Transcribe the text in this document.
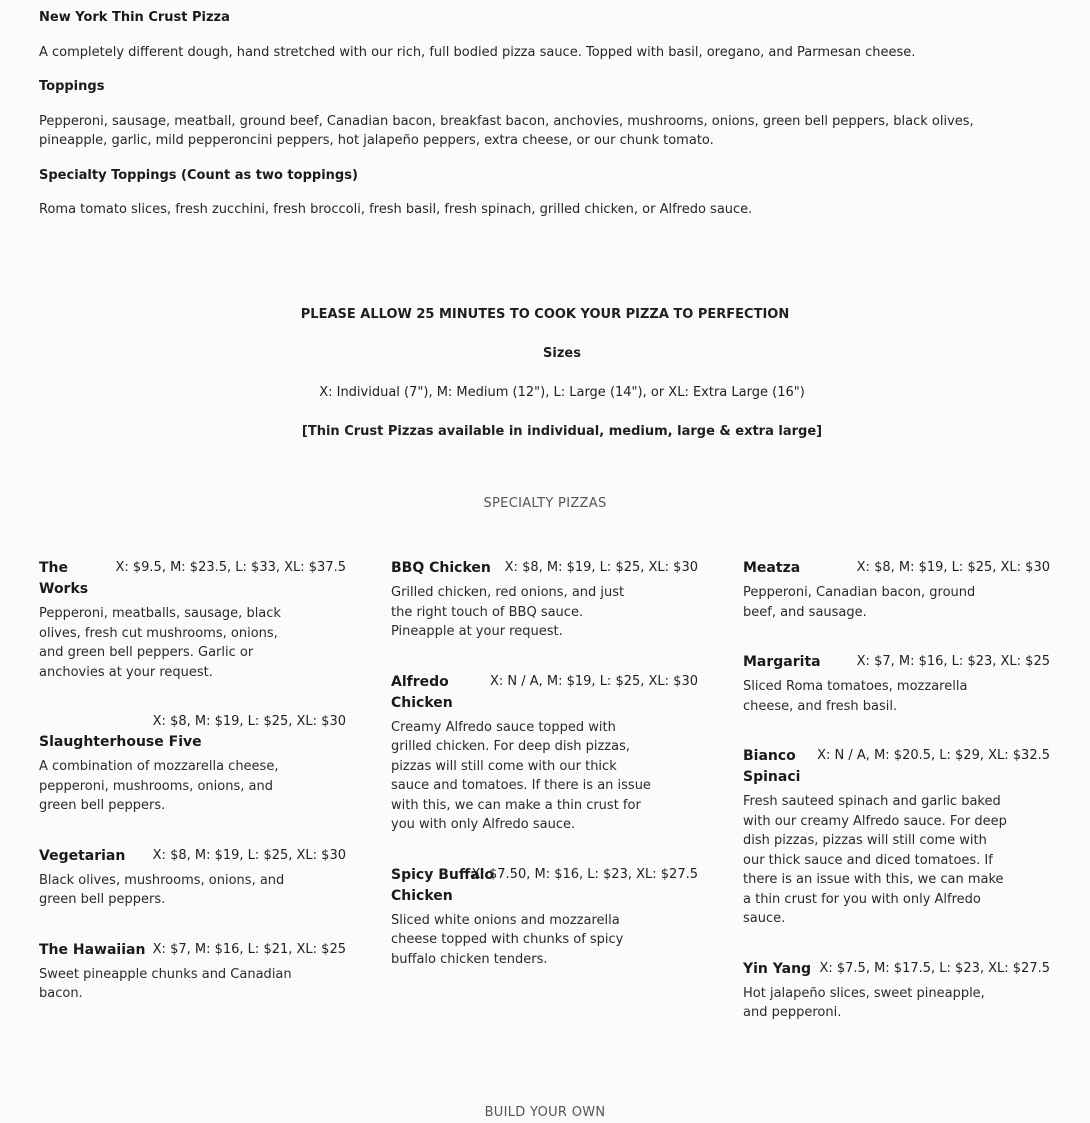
New York Thin Crust Pizza
A completely different dough, hand stretched with our rich, full bodied pizza sauce. Topped with basil, oregano, and Parmesan cheese.
Toppings
Pepperoni, sausage, meatball, ground beef, Canadian bacon, breakfast bacon, anchovies, mushrooms, onions, green bell peppers, black olives, pineapple, garlic, mild pepperoncini peppers, hot jalapeño peppers, extra cheese, or our chunk tomato.
Specialty Toppings (Count as two toppings)
Roma tomato slices, fresh zucchini, fresh broccoli, fresh basil, fresh spinach, grilled chicken, or Alfredo sauce.
PLEASE ALLOW 25 MINUTES TO COOK YOUR PIZZA TO PERFECTION
Sizes
X: Individual (7"), M: Medium (12"), L: Large (14"), or XL: Extra Large (16")
[Thin Crust Pizzas available in individual, medium, large & extra large]
SPECIALTY PIZZAS
The Works
X: $9.5, M: $23.5, L: $33, XL: $37.5
Pepperoni, meatballs, sausage, black olives, fresh cut mushrooms, onions, and green bell peppers. Garlic or anchovies at your request.
X: $8, M: $19, L: $25, XL: $30
Slaughterhouse Five
A combination of mozzarella cheese, pepperoni, mushrooms, onions, and green bell peppers.
Vegetarian	X: $8, M: $19, L: $25, XL: $30
Black olives, mushrooms, onions, and green bell peppers.
The Hawaiian X: $7, M: $16, L: $21, XL: $25
Sweet pineapple chunks and Canadian bacon.
BBQ Chicken	X: $8, M: $19, L: $25, XL: $30
Grilled chicken, red onions, and just the right touch of BBQ sauce. Pineapple at your request.
Alfredo Chicken
X: N / A, M: $19, L: $25, XL: $30
Creamy Alfredo sauce topped with grilled chicken. For deep dish pizzas, pizzas will still come with our thick sauce and tomatoes. If there is an issue with this, we can make a thin crust for you with only Alfredo sauce.
Spicy Buffalo Chicken
X: $7.50, M: $16, L: $23, XL: $27.5
Sliced white onions and mozzarella cheese topped with chunks of spicy buffalo chicken tenders.
Meatza	X: $8, M: $19, L: $25, XL: $30
Pepperoni, Canadian bacon, ground beef, and sausage.
Margarita	X: $7, M: $16, L: $23, XL: $25
Sliced Roma tomatoes, mozzarella cheese, and fresh basil.
Bianco Spinaci
X: N / A, M: $20.5, L: $29, XL: $32.5
Fresh sauteed spinach and garlic baked with our creamy Alfredo sauce. For deep dish pizzas, pizzas will still come with our thick sauce and diced tomatoes. If there is an issue with this, we can make a thin crust for you with only Alfredo sauce.
Yin Yang X: $7.5, M: $17.5, L: $23, XL: $27.5
Hot jalapeño slices, sweet pineapple, and pepperoni.
BUILD YOUR OWN
